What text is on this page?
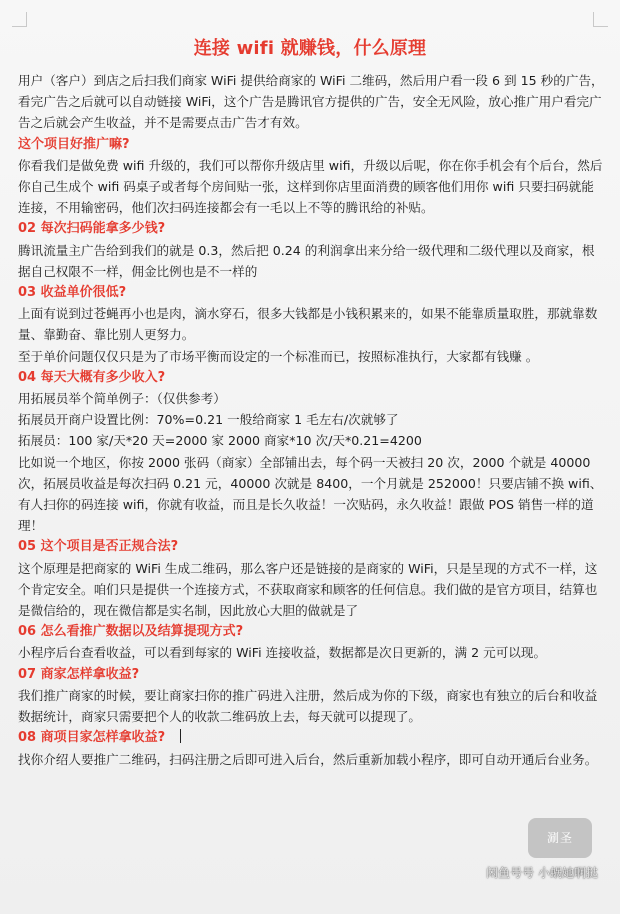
连接 wifi 就赚钱，什么原理

用户（客户）到店之后扫我们商家 WiFi 提供给商家的 WiFi 二维码，然后用户看一段 6 到 15 秒的广告，看完广告之后就可以自动链接 WiFi，这个广告是腾讯官方提供的广告，安全无风险，放心推广用户看完广告之后就会产生收益，并不是需要点击广告才有效。

这个项目好推广嘛?

你看我们是做免费 wifi 升级的，我们可以帮你升级店里 wifi，升级以后呢，你在你手机会有个后台，然后你自己生成个 wifi 码桌子或者每个房间贴一张，这样到你店里面消费的顾客他们用你 wifi 只要扫码就能连接，不用输密码，他们次扫码连接都会有一毛以上不等的腾讯给的补贴。

02 每次扫码能拿多少钱?

腾讯流量主广告给到我们的就是 0.3，然后把 0.24 的利润拿出来分给一级代理和二级代理以及商家，根据自己权限不一样，佣金比例也是不一样的

03 收益单价很低?

上面有说到过苍蝇再小也是肉，滴水穿石，很多大钱都是小钱积累来的，如果不能靠质量取胜，那就靠数量、靠勤奋、靠比别人更努力。

至于单价问题仅仅只是为了市场平衡而设定的一个标准而已，按照标准执行，大家都有钱赚 。

04 每天大概有多少收入?

用拓展员举个简单例子：（仅供参考）

拓展员开商户设置比例：70%=0.21 一般给商家 1 毛左右/次就够了

拓展员：100 家/天*20 天=2000 家 2000 商家*10 次/天*0.21=4200

比如说一个地区，你按 2000 张码（商家）全部铺出去，每个码一天被扫 20 次，2000 个就是 40000 次，拓展员收益是每次扫码 0.21 元，40000 次就是 8400，一个月就是 252000！只要店铺不换 wifi、有人扫你的码连接 wifi，你就有收益，而且是长久收益！一次贴码，永久收益！跟做 POS 销售一样的道理！

05 这个项目是否正规合法?

这个原理是把商家的 WiFi 生成二维码，那么客户还是链接的是商家的 WiFi，只是呈现的方式不一样，这个肯定安全。咱们只是提供一个连接方式，不获取商家和顾客的任何信息。我们做的是官方项目，结算也是微信给的，现在微信都是实名制，因此放心大胆的做就是了

06 怎么看推广数据以及结算提现方式?

小程序后台查看收益，可以看到每家的 WiFi 连接收益，数据都是次日更新的，满 2 元可以现。

07 商家怎样拿收益?

我们推广商家的时候，要让商家扫你的推广码进入注册，然后成为你的下级，商家也有独立的后台和收益数据统计，商家只需要把个人的收款二维码放上去，每天就可以提现了。

08 商项目家怎样拿收益?

找你介绍人要推广二维码，扫码注册之后即可进入后台，然后重新加载小程序，即可自动开通后台业务。

涮圣
闲鱼号号 小蜗她啊挞
